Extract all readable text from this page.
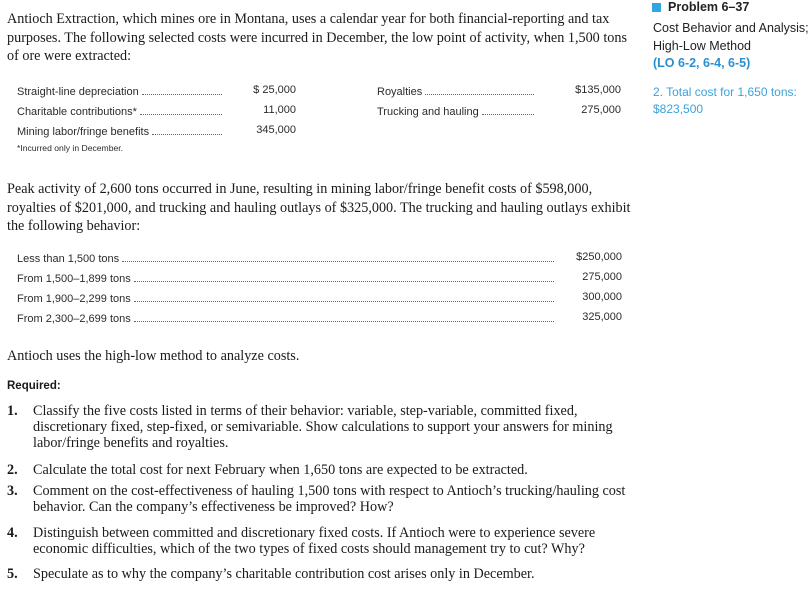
Antioch Extraction, which mines ore in Montana, uses a calendar year for both financial-reporting and tax purposes. The following selected costs were incurred in December, the low point of activity, when 1,500 tons of ore were extracted:
Straight-line depreciation	$ 25,000
Charitable contributions*	11,000
Mining labor/fringe benefits	345,000
Royalties	$135,000
Trucking and hauling	275,000
*Incurred only in December.
Peak activity of 2,600 tons occurred in June, resulting in mining labor/fringe benefit costs of $598,000, royalties of $201,000, and trucking and hauling outlays of $325,000. The trucking and hauling outlays exhibit the following behavior:
Less than 1,500 tons	$250,000
From 1,500–1,899 tons	275,000
From 1,900–2,299 tons	300,000
From 2,300–2,699 tons	325,000
Antioch uses the high-low method to analyze costs.
Required:
1. Classify the five costs listed in terms of their behavior: variable, step-variable, committed fixed, discretionary fixed, step-fixed, or semivariable. Show calculations to support your answers for mining labor/fringe benefits and royalties.
2. Calculate the total cost for next February when 1,650 tons are expected to be extracted.
3. Comment on the cost-effectiveness of hauling 1,500 tons with respect to Antioch’s trucking/hauling cost behavior. Can the company’s effectiveness be improved? How?
4. Distinguish between committed and discretionary fixed costs. If Antioch were to experience severe economic difficulties, which of the two types of fixed costs should management try to cut? Why?
5. Speculate as to why the company’s charitable contribution cost arises only in December.
Problem 6–37
Cost Behavior and Analysis; High-Low Method
(LO 6-2, 6-4, 6-5)
2. Total cost for 1,650 tons: $823,500
